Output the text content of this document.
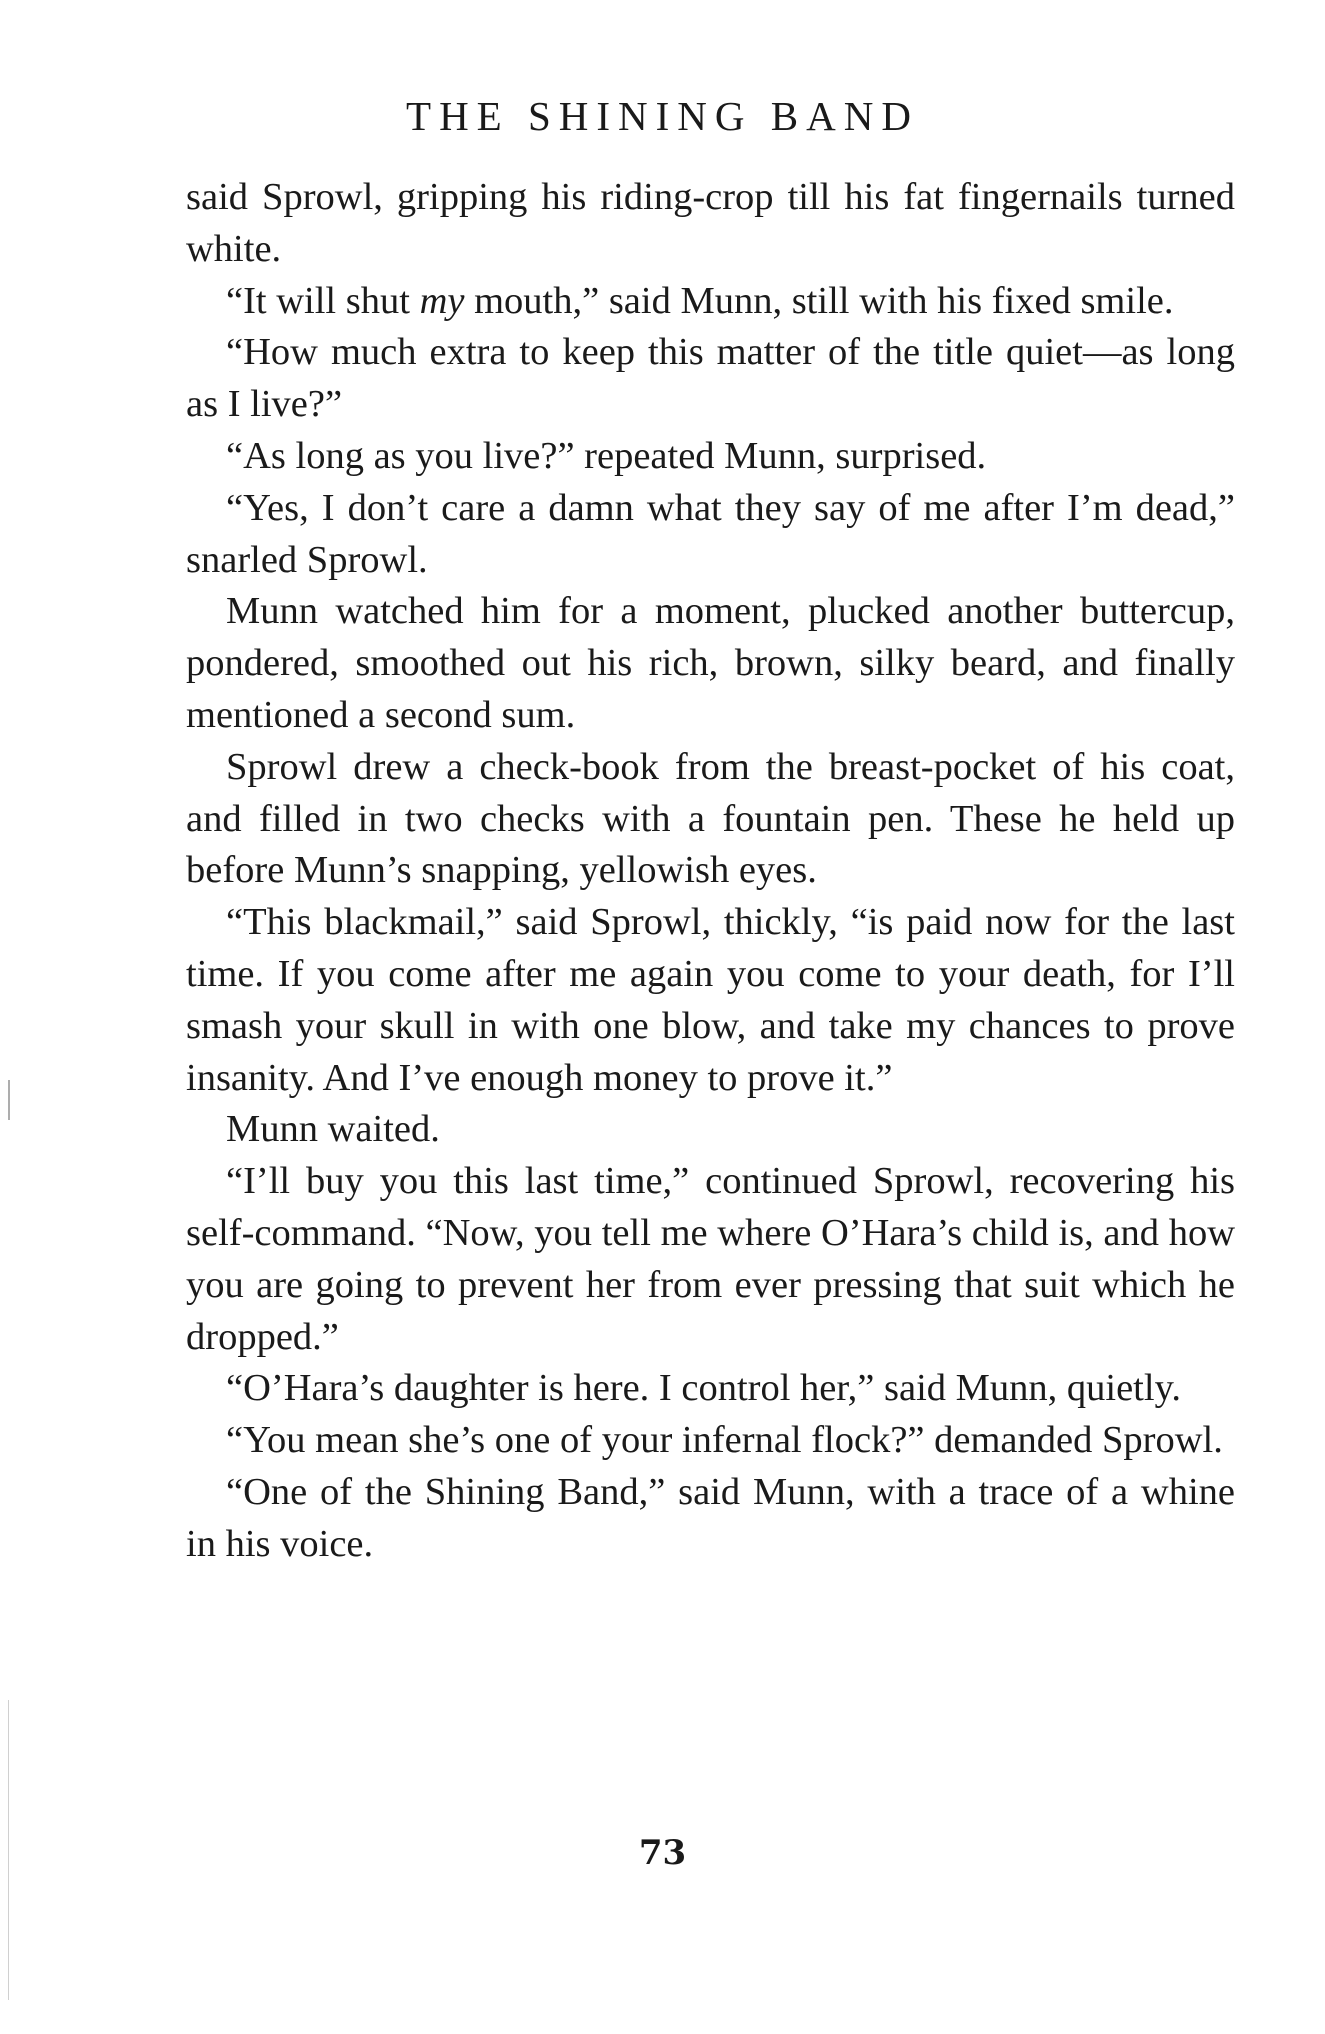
THE SHINING BAND

said Sprowl, gripping his riding-crop till his fat fingernails turned white.

“It will shut my mouth,” said Munn, still with his fixed smile.

“How much extra to keep this matter of the title quiet—as long as I live?”

“As long as you live?” repeated Munn, surprised.

“Yes, I don’t care a damn what they say of me after I’m dead,” snarled Sprowl.

Munn watched him for a moment, plucked another buttercup, pondered, smoothed out his rich, brown, silky beard, and finally mentioned a second sum.

Sprowl drew a check-book from the breast-pocket of his coat, and filled in two checks with a fountain pen. These he held up before Munn’s snapping, yellowish eyes.

“This blackmail,” said Sprowl, thickly, “is paid now for the last time. If you come after me again you come to your death, for I’ll smash your skull in with one blow, and take my chances to prove insanity. And I’ve enough money to prove it.”

Munn waited.

“I’ll buy you this last time,” continued Sprowl, recovering his self-command. “Now, you tell me where O’Hara’s child is, and how you are going to prevent her from ever pressing that suit which he dropped.”

“O’Hara’s daughter is here. I control her,” said Munn, quietly.

“You mean she’s one of your infernal flock?” demanded Sprowl.

“One of the Shining Band,” said Munn, with a trace of a whine in his voice.

73
